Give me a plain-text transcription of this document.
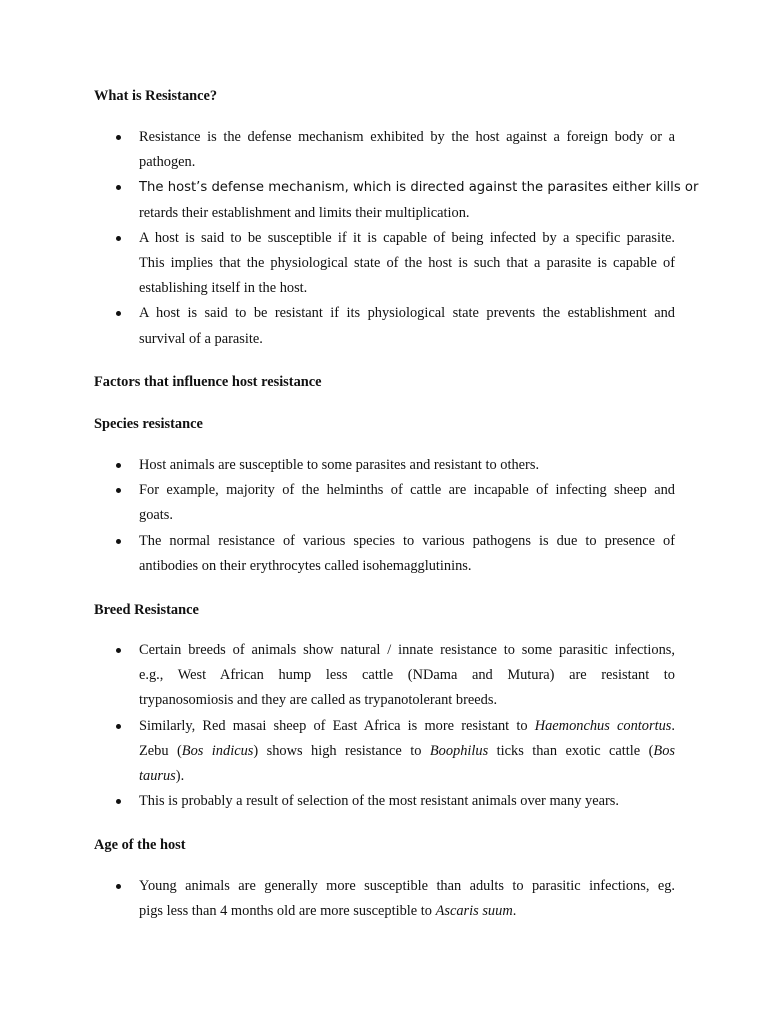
What is Resistance?
Resistance is the defense mechanism exhibited by the host against a foreign body or a
pathogen.
The host’s defense mechanism, which is directed against the parasites either kills or
retards their establishment and limits their multiplication.
A host is said to be susceptible if it is capable of being infected by a specific parasite.
This implies that the physiological state of the host is such that a parasite is capable of
establishing itself in the host.
A host is said to be resistant if its physiological state prevents the establishment and
survival of a parasite.
Factors that influence host resistance
Species resistance
Host animals are susceptible to some parasites and resistant to others.
For example, majority of the helminths of cattle are incapable of infecting sheep and
goats.
The normal resistance of various species to various pathogens is due to presence of
antibodies on their erythrocytes called isohemagglutinins.
Breed Resistance
Certain breeds of animals show natural / innate resistance to some parasitic infections,
e.g., West African hump less cattle (NDama and Mutura) are resistant to
trypanosomiosis and they are called as trypanotolerant breeds.
Similarly, Red masai sheep of East Africa is more resistant to Haemonchus contortus.
Zebu (Bos indicus) shows high resistance to Boophilus ticks than exotic cattle (Bos
taurus).
This is probably a result of selection of the most resistant animals over many years.
Age of the host
Young animals are generally more susceptible than adults to parasitic infections, eg.
pigs less than 4 months old are more susceptible to Ascaris suum.
